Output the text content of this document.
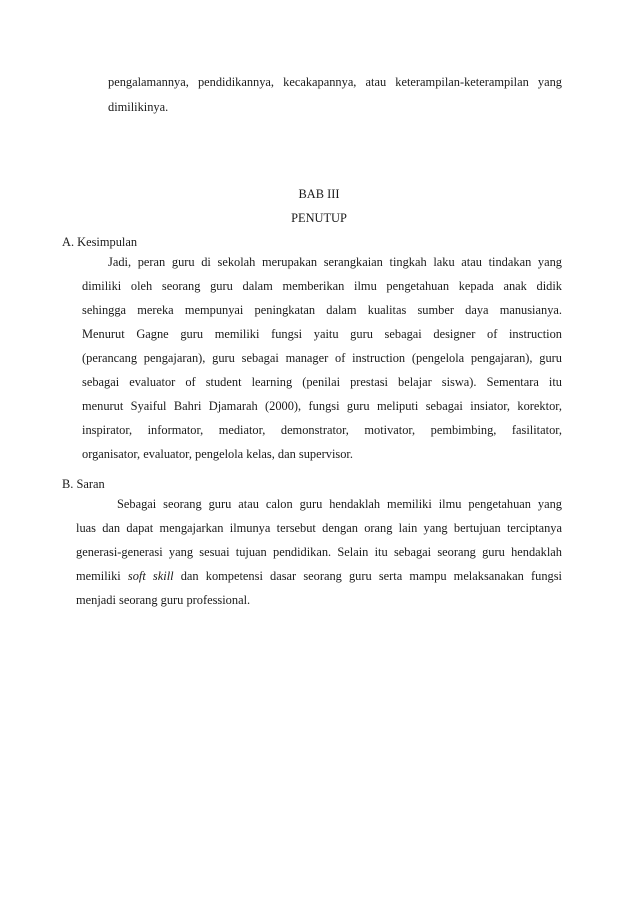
pengalamannya, pendidikannya, kecakapannya, atau keterampilan-keterampilan yang
dimilikinya.
BAB III
PENUTUP
A. Kesimpulan
Jadi, peran guru di sekolah merupakan serangkaian tingkah laku atau tindakan yang
dimiliki oleh seorang guru dalam memberikan ilmu pengetahuan kepada anak didik
sehingga mereka mempunyai peningkatan dalam kualitas sumber daya manusianya.
Menurut Gagne guru memiliki fungsi yaitu guru sebagai designer of instruction
(perancang pengajaran), guru sebagai manager of instruction (pengelola pengajaran), guru
sebagai evaluator of student learning (penilai prestasi belajar siswa). Sementara itu
menurut Syaiful Bahri Djamarah (2000), fungsi guru meliputi sebagai insiator, korektor,
inspirator, informator, mediator, demonstrator, motivator, pembimbing, fasilitator,
organisator, evaluator, pengelola kelas, dan supervisor.
B. Saran
Sebagai seorang guru atau calon guru hendaklah memiliki ilmu pengetahuan yang
luas dan dapat mengajarkan ilmunya tersebut dengan orang lain yang bertujuan terciptanya
generasi-generasi yang sesuai tujuan pendidikan. Selain itu sebagai seorang guru hendaklah
memiliki soft skill dan kompetensi dasar seorang guru serta mampu melaksanakan fungsi
menjadi seorang guru professional.
